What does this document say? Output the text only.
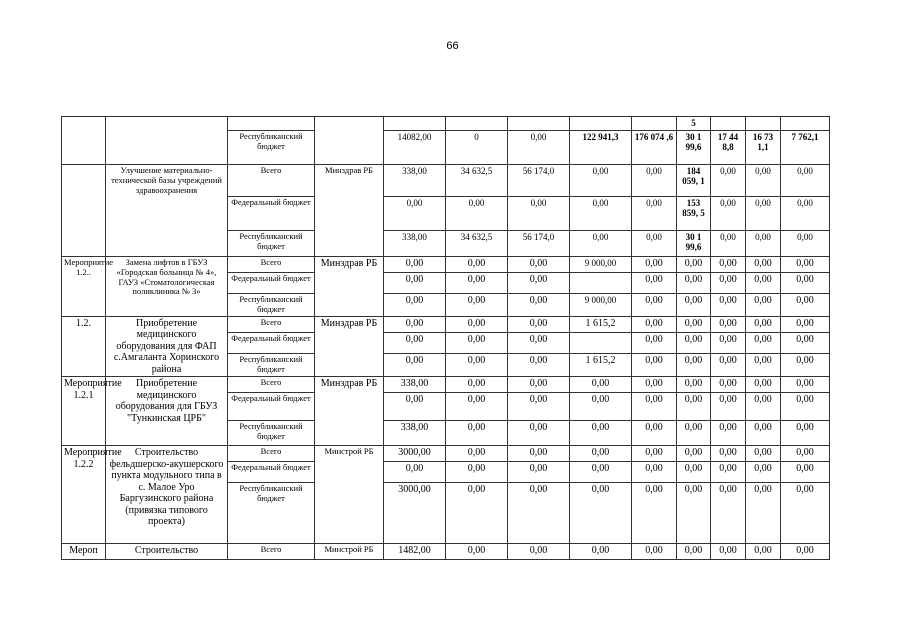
66
									5			
		Республиканский бюджет		14082,00	0	0,00	122 941,3	176 074 ,6	30 1 99,6	17 44 8,8	16 73 1,1	7 762,1
	Улучшение материально-технической базы учреждений здравоохранения	Всего	Минздрав РБ	338,00	34 632,5	56 174,0	0,00	0,00	184 059, 1	0,00	0,00	0,00
		Федеральный бюджет		0,00	0,00	0,00	0,00	0,00	153 859, 5	0,00	0,00	0,00
		Республиканский бюджет		338,00	34 632,5	56 174,0	0,00	0,00	30 1 99,6	0,00	0,00	0,00
Мероприятие 1.2..	Замена лифтов в ГБУЗ «Городская больница № 4», ГАУЗ «Стоматологическая поликлиника № 3»	Всего	Минздрав РБ	0,00	0,00	0,00	9 000,00	0,00	0,00	0,00	0,00	0,00
		Федеральный бюджет		0,00	0,00	0,00		0,00	0,00	0,00	0,00	0,00
		Республиканский бюджет		0,00	0,00	0,00	9 000,00	0,00	0,00	0,00	0,00	0,00
1.2.	Приобретение медицинского оборудования для ФАП с.Амгаланта Хоринского района	Всего	Минздрав РБ	0,00	0,00	0,00	1 615,2	0,00	0,00	0,00	0,00	0,00
		Федеральный бюджет		0,00	0,00	0,00		0,00	0,00	0,00	0,00	0,00
		Республиканский бюджет		0,00	0,00	0,00	1 615,2	0,00	0,00	0,00	0,00	0,00
Мероприятие 1.2.1	Приобретение медицинского оборудования для ГБУЗ "Тункинская ЦРБ"	Всего	Минздрав РБ	338,00	0,00	0,00	0,00	0,00	0,00	0,00	0,00	0,00
		Федеральный бюджет		0,00	0,00	0,00	0,00	0,00	0,00	0,00	0,00	0,00
		Республиканский бюджет		338,00	0,00	0,00	0,00	0,00	0,00	0,00	0,00	0,00
Мероприятие 1.2.2	Строительство фельдшерско-акушерского пункта модульного типа в с. Малое Уро Баргузинского района (привязка типового проекта)	Всего	Минстрой РБ	3000,00	0,00	0,00	0,00	0,00	0,00	0,00	0,00	0,00
		Федеральный бюджет		0,00	0,00	0,00	0,00	0,00	0,00	0,00	0,00	0,00
		Республиканский бюджет		3000,00	0,00	0,00	0,00	0,00	0,00	0,00	0,00	0,00
Мероп	Строительство	Всего	Минстрой РБ	1482,00	0,00	0,00	0,00	0,00	0,00	0,00	0,00	0,00
